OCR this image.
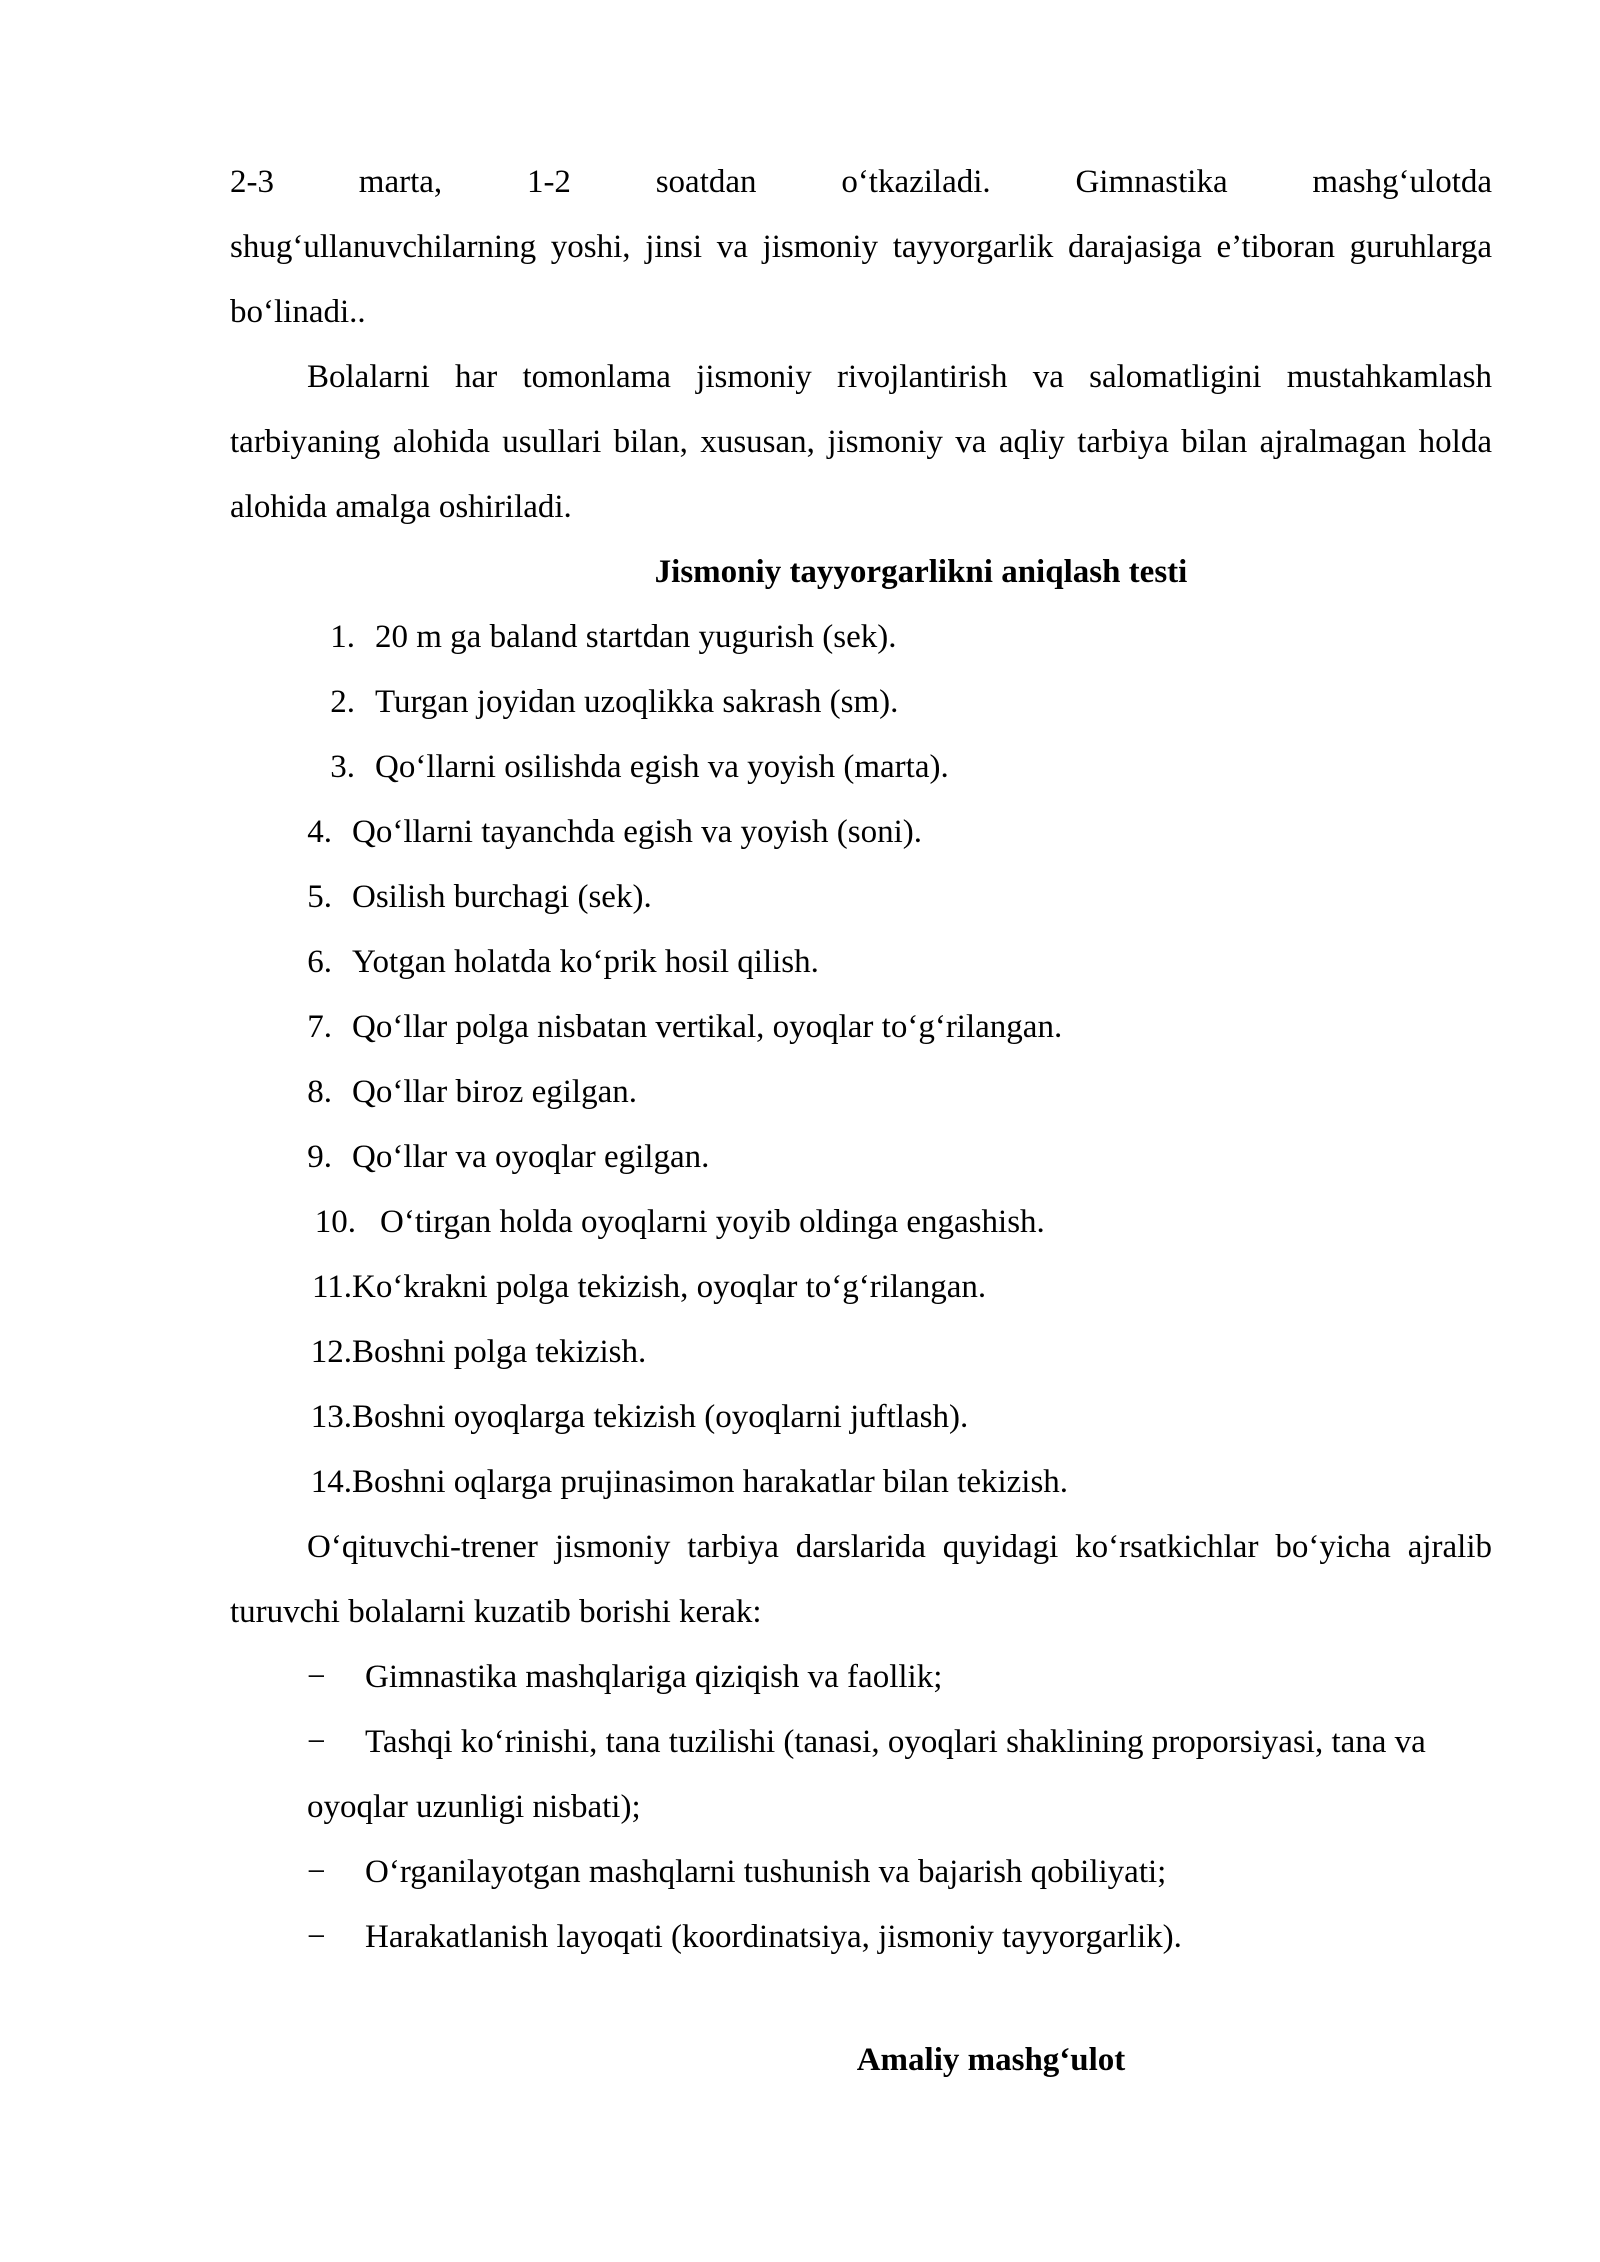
2-3	marta,	1-2	soatdan	o‘tkaziladi.	Gimnastika	mashg‘ulotda

shug‘ullanuvchilarning yoshi, jinsi va jismoniy tayyorgarlik darajasiga e’tiboran guruhlarga bo‘linadi..

Bolalarni har tomonlama jismoniy rivojlantirish va salomatligini mustahkamlash tarbiyaning alohida usullari bilan, xususan, jismoniy va aqliy tarbiya bilan ajralmagan holda alohida amalga oshiriladi.

Jismoniy tayyorgarlikni aniqlash testi

1. 20 m ga baland startdan yugurish (sek).

2. Turgan joyidan uzoqlikka sakrash (sm).

3. Qo‘llarni osilishda egish va yoyish (marta).

4. Qo‘llarni tayanchda egish va yoyish (soni).

5. Osilish burchagi (sek).

6. Yotgan holatda ko‘prik hosil qilish.

7. Qo‘llar polga nisbatan vertikal, oyoqlar to‘g‘rilangan.

8. Qo‘llar biroz egilgan.

9. Qo‘llar va oyoqlar egilgan.

10. O‘tirgan holda oyoqlarni yoyib oldinga engashish.

11.Ko‘krakni polga tekizish, oyoqlar to‘g‘rilangan.

12.Boshni polga tekizish.

13.Boshni oyoqlarga tekizish (oyoqlarni juftlash).

14.Boshni oqlarga prujinasimon harakatlar bilan tekizish.

O‘qituvchi-trener jismoniy tarbiya darslarida quyidagi ko‘rsatkichlar bo‘yicha ajralib turuvchi bolalarni kuzatib borishi kerak:

−	Gimnastika mashqlariga qiziqish va faollik;
− Tashqi ko‘rinishi, tana tuzilishi (tanasi, oyoqlari shaklining proporsiyasi, tana va oyoqlar uzunligi nisbati);
−	O‘rganilayotgan mashqlarni tushunish va bajarish qobiliyati;
−	Harakatlanish layoqati (koordinatsiya, jismoniy tayyorgarlik).

Amaliy mashg‘ulot
